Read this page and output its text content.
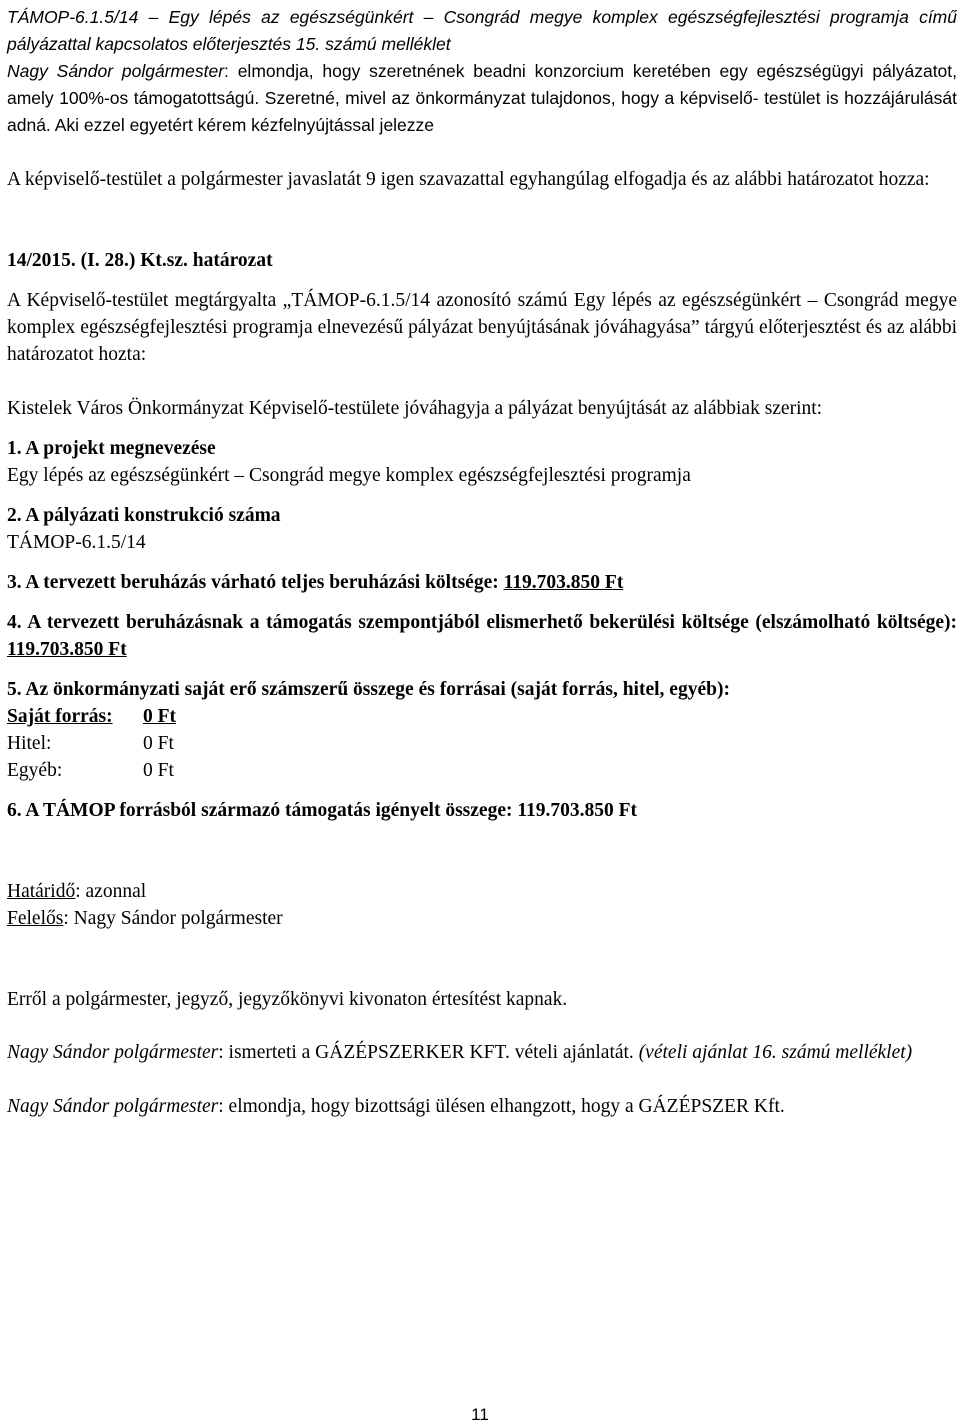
TÁMOP-6.1.5/14 – Egy lépés az egészségünkért – Csongrád megye komplex egészségfejlesztési programja című pályázattal kapcsolatos előterjesztés 15. számú melléklet

Nagy Sándor polgármester: elmondja, hogy szeretnének beadni konzorcium keretében egy egészségügyi pályázatot, amely 100%-os támogatottságú. Szeretné, mivel az önkormányzat tulajdonos, hogy a képviselő- testület is hozzájárulását adná. Aki ezzel egyetért kérem kézfelnyújtással jelezze

A képviselő-testület a polgármester javaslatát 9 igen szavazattal egyhangúlag elfogadja és az alábbi határozatot hozza:

14/2015. (I. 28.) Kt.sz. határozat

A Képviselő-testület megtárgyalta „TÁMOP-6.1.5/14 azonosító számú Egy lépés az egészségünkért – Csongrád megye komplex egészségfejlesztési programja elnevezésű pályázat benyújtásának jóváhagyása” tárgyú előterjesztést és az alábbi határozatot hozta:

Kistelek Város Önkormányzat Képviselő-testülete jóváhagyja a pályázat benyújtását az alábbiak szerint:

1. A projekt megnevezése

Egy lépés az egészségünkért – Csongrád megye komplex egészségfejlesztési programja

2. A pályázati konstrukció száma

TÁMOP-6.1.5/14

3. A tervezett beruházás várható teljes beruházási költsége: 119.703.850 Ft

4. A tervezett beruházásnak a támogatás szempontjából elismerhető bekerülési költsége (elszámolható költsége): 119.703.850 Ft

5. Az önkormányzati saját erő számszerű összege és forrásai (saját forrás, hitel, egyéb):

Saját forrás:	0 Ft
Hitel:	0 Ft
Egyéb:	0 Ft

6. A TÁMOP forrásból származó támogatás igényelt összege: 119.703.850 Ft

Határidő: azonnal

Felelős: Nagy Sándor polgármester

Erről a polgármester, jegyző, jegyzőkönyvi kivonaton értesítést kapnak.

Nagy Sándor polgármester: ismerteti a GÁZÉPSZERKER KFT. vételi ajánlatát. (vételi ajánlat 16. számú melléklet)

Nagy Sándor polgármester: elmondja, hogy bizottsági ülésen elhangzott, hogy a GÁZÉPSZER Kft.

11
